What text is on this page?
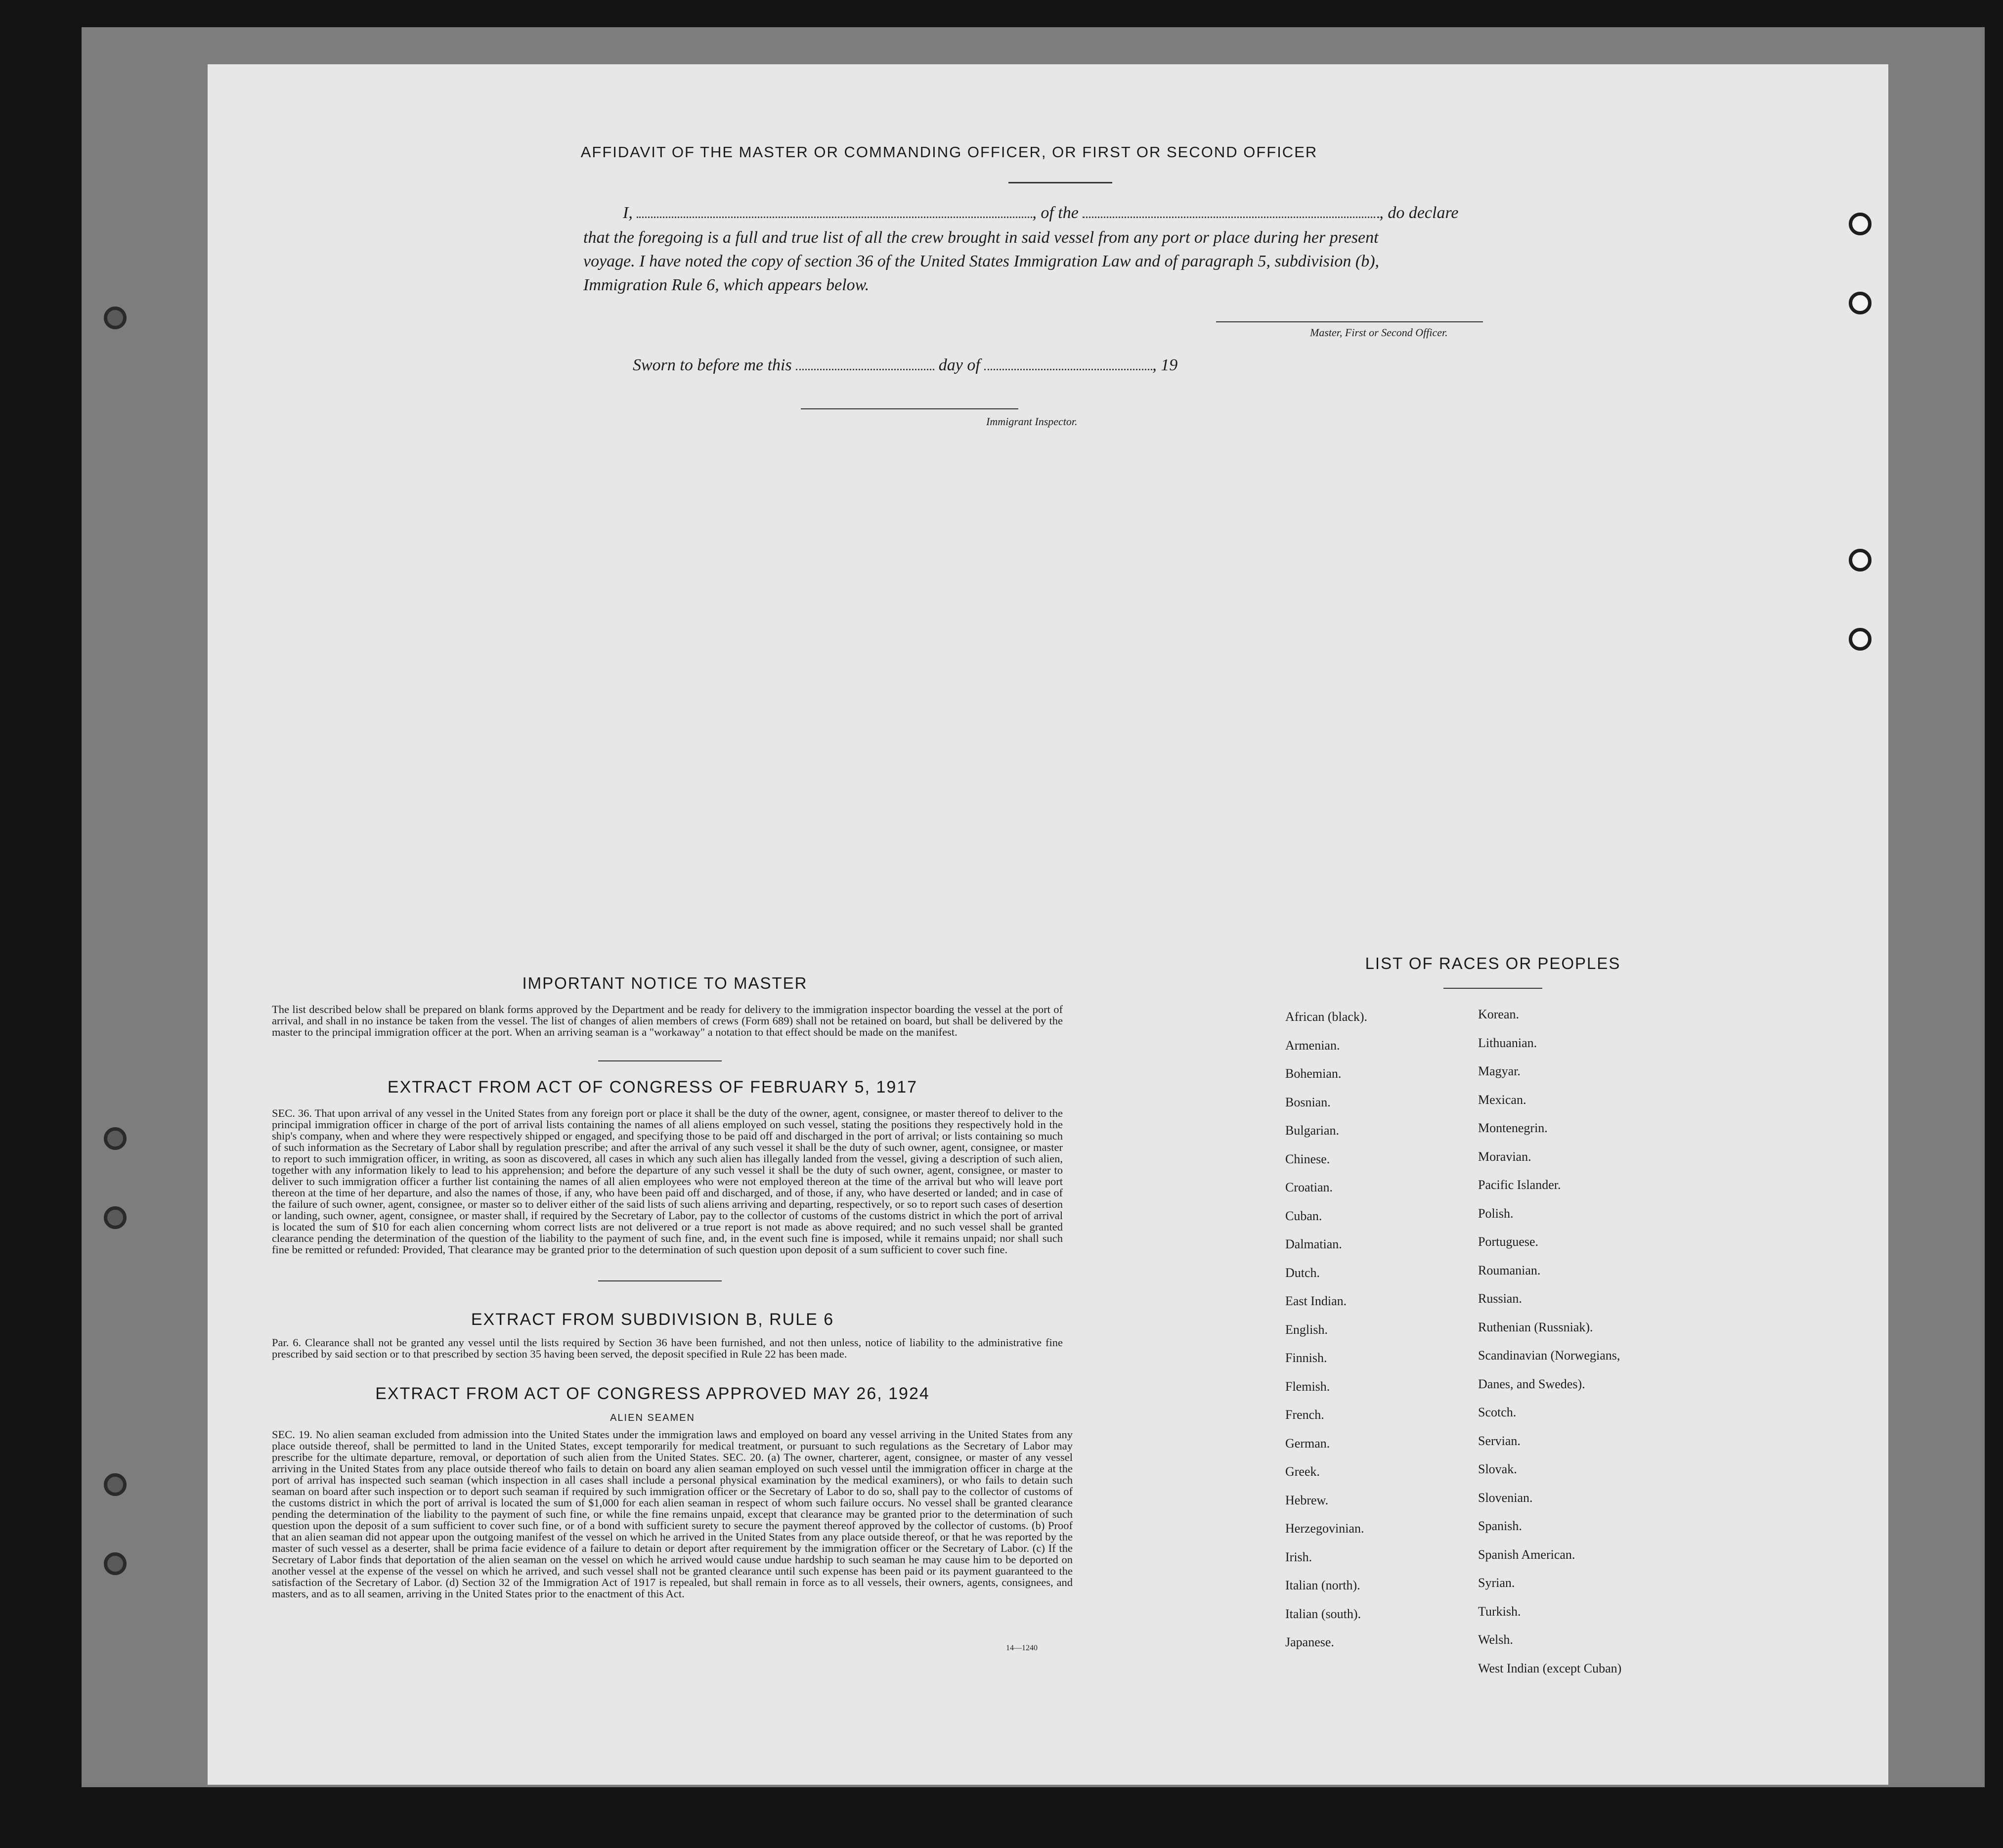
AFFIDAVIT OF THE MASTER OR COMMANDING OFFICER, OR FIRST OR SECOND OFFICER
I,	, of the	, do declare
that the foregoing is a full and true list of all the crew brought in said vessel from any port or place during her present
voyage. I have noted the copy of section 36 of the United States Immigration Law and of paragraph 5, subdivision (b),
Immigration Rule 6, which appears below.
Master, First or Second Officer.
Sworn to before me this	day of	, 19
Immigrant Inspector.
IMPORTANT NOTICE TO MASTER
The list described below shall be prepared on blank forms approved by the Department and be ready for delivery to the immigration inspector boarding the vessel at the port of arrival, and shall in no instance be taken from the vessel. The list of changes of alien members of crews (Form 689) shall not be retained on board, but shall be delivered by the master to the principal immigration officer at the port. When an arriving seaman is a "workaway" a notation to that effect should be made on the manifest.
EXTRACT FROM ACT OF CONGRESS OF FEBRUARY 5, 1917
SEC. 36. That upon arrival of any vessel in the United States from any foreign port or place it shall be the duty of the owner, agent, consignee, or master thereof to deliver to the principal immigration officer in charge of the port of arrival lists containing the names of all aliens employed on such vessel, stating the positions they respectively hold in the ship's company, when and where they were respectively shipped or engaged, and specifying those to be paid off and discharged in the port of arrival; or lists containing so much of such information as the Secretary of Labor shall by regulation prescribe; and after the arrival of any such vessel it shall be the duty of such owner, agent, consignee, or master to report to such immigration officer, in writing, as soon as discovered, all cases in which any such alien has illegally landed from the vessel, giving a description of such alien, together with any information likely to lead to his apprehension; and before the departure of any such vessel it shall be the duty of such owner, agent, consignee, or master to deliver to such immigration officer a further list containing the names of all alien employees who were not employed thereon at the time of the arrival but who will leave port thereon at the time of her departure, and also the names of those, if any, who have been paid off and discharged, and of those, if any, who have deserted or landed; and in case of the failure of such owner, agent, consignee, or master so to deliver either of the said lists of such aliens arriving and departing, respectively, or so to report such cases of desertion or landing, such owner, agent, consignee, or master shall, if required by the Secretary of Labor, pay to the collector of customs of the customs district in which the port of arrival is located the sum of $10 for each alien concerning whom correct lists are not delivered or a true report is not made as above required; and no such vessel shall be granted clearance pending the determination of the question of the liability to the payment of such fine, and, in the event such fine is imposed, while it remains unpaid; nor shall such fine be remitted or refunded: Provided, That clearance may be granted prior to the determination of such question upon deposit of a sum sufficient to cover such fine.
EXTRACT FROM SUBDIVISION B, RULE 6
Par. 6. Clearance shall not be granted any vessel until the lists required by Section 36 have been furnished, and not then unless, notice of liability to the administrative fine prescribed by said section or to that prescribed by section 35 having been served, the deposit specified in Rule 22 has been made.
EXTRACT FROM ACT OF CONGRESS APPROVED MAY 26, 1924
ALIEN SEAMEN
SEC. 19. No alien seaman excluded from admission into the United States under the immigration laws and employed on board any vessel arriving in the United States from any place outside thereof, shall be permitted to land in the United States, except temporarily for medical treatment, or pursuant to such regulations as the Secretary of Labor may prescribe for the ultimate departure, removal, or deportation of such alien from the United States. SEC. 20. (a) The owner, charterer, agent, consignee, or master of any vessel arriving in the United States from any place outside thereof who fails to detain on board any alien seaman employed on such vessel until the immigration officer in charge at the port of arrival has inspected such seaman (which inspection in all cases shall include a personal physical examination by the medical examiners), or who fails to detain such seaman on board after such inspection or to deport such seaman if required by such immigration officer or the Secretary of Labor to do so, shall pay to the collector of customs of the customs district in which the port of arrival is located the sum of $1,000 for each alien seaman in respect of whom such failure occurs. No vessel shall be granted clearance pending the determination of the liability to the payment of such fine, or while the fine remains unpaid, except that clearance may be granted prior to the determination of such question upon the deposit of a sum sufficient to cover such fine, or of a bond with sufficient surety to secure the payment thereof approved by the collector of customs. (b) Proof that an alien seaman did not appear upon the outgoing manifest of the vessel on which he arrived in the United States from any place outside thereof, or that he was reported by the master of such vessel as a deserter, shall be prima facie evidence of a failure to detain or deport after requirement by the immigration officer or the Secretary of Labor. (c) If the Secretary of Labor finds that deportation of the alien seaman on the vessel on which he arrived would cause undue hardship to such seaman he may cause him to be deported on another vessel at the expense of the vessel on which he arrived, and such vessel shall not be granted clearance until such expense has been paid or its payment guaranteed to the satisfaction of the Secretary of Labor. (d) Section 32 of the Immigration Act of 1917 is repealed, but shall remain in force as to all vessels, their owners, agents, consignees, and masters, and as to all seamen, arriving in the United States prior to the enactment of this Act.
14—1240
LIST OF RACES OR PEOPLES
African (black).
Armenian.
Bohemian.
Bosnian.
Bulgarian.
Chinese.
Croatian.
Cuban.
Dalmatian.
Dutch.
East Indian.
English.
Finnish.
Flemish.
French.
German.
Greek.
Hebrew.
Herzegovinian.
Irish.
Italian (north).
Italian (south).
Japanese.
Korean.
Lithuanian.
Magyar.
Mexican.
Montenegrin.
Moravian.
Pacific Islander.
Polish.
Portuguese.
Roumanian.
Russian.
Ruthenian (Russniak).
Scandinavian (Norwegians,
Danes, and Swedes).
Scotch.
Servian.
Slovak.
Slovenian.
Spanish.
Spanish American.
Syrian.
Turkish.
Welsh.
West Indian (except Cuban)
